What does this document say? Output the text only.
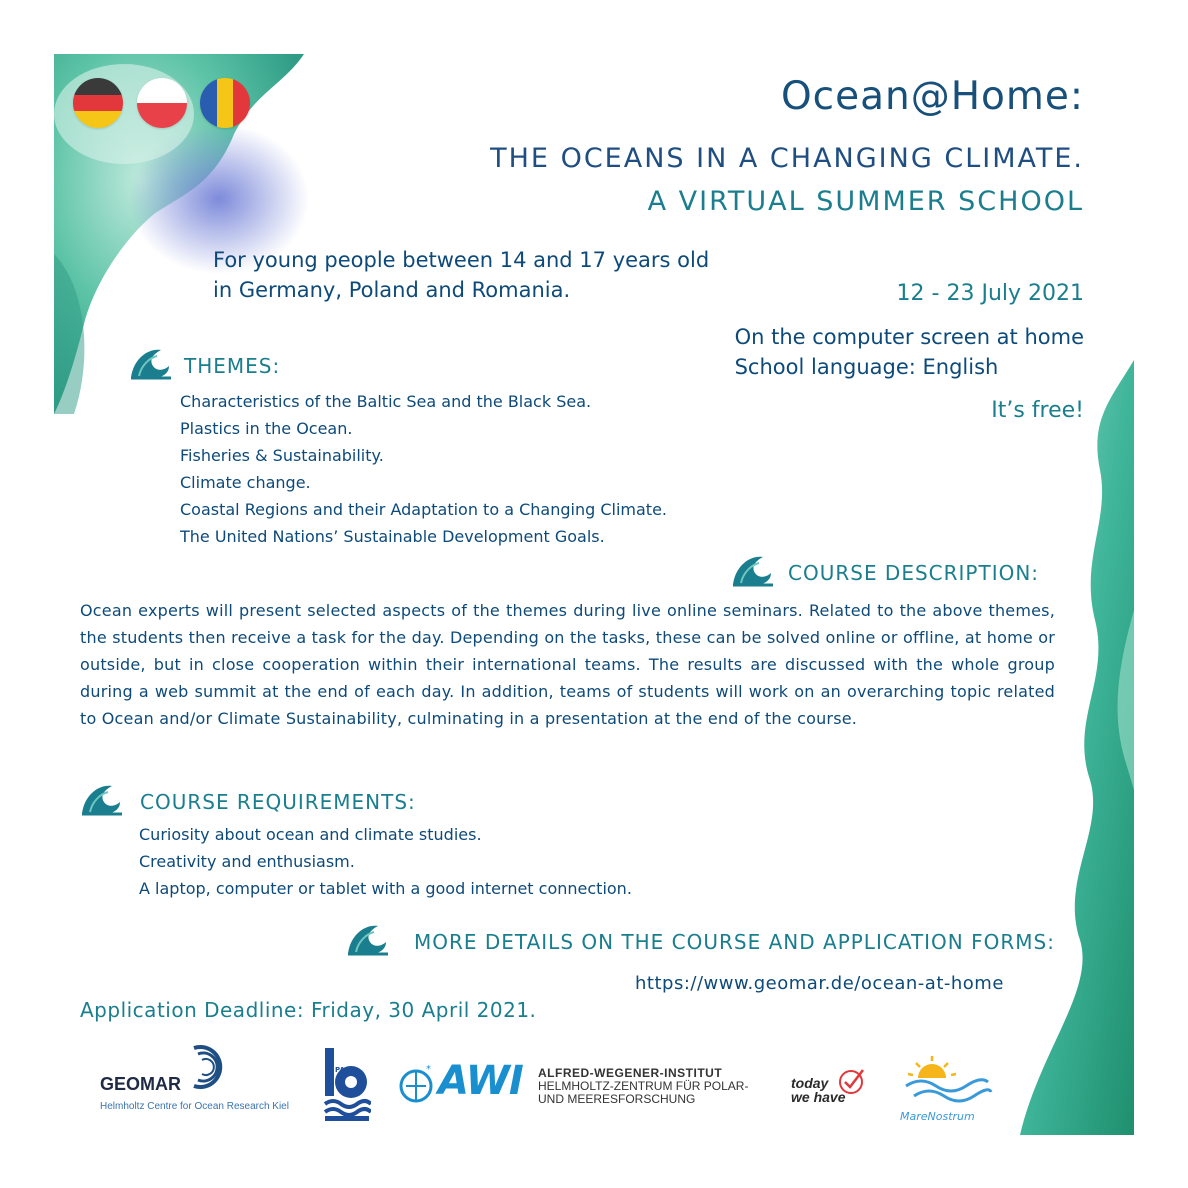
Ocean@Home:
THE OCEANS IN A CHANGING CLIMATE.
A VIRTUAL SUMMER SCHOOL
For young people between 14 and 17 years old
in Germany, Poland and Romania.	12 - 23 July 2021
On the computer screen at home
School language: English
It’s free!
THEMES:
Characteristics of the Baltic Sea and the Black Sea.
Plastics in the Ocean.
Fisheries & Sustainability.
Climate change.
Coastal Regions and their Adaptation to a Changing Climate.
The United Nations’ Sustainable Development Goals.
COURSE DESCRIPTION:
Ocean experts will present selected aspects of the themes during live online seminars. Related to the above themes, the students then receive a task for the day. Depending on the tasks, these can be solved online or offline, at home or outside, but in close cooperation within their international teams. The results are discussed with the whole group during a web summit at the end of each day. In addition, teams of students will work on an overarching topic related to Ocean and/or Climate Sustainability, culminating in a presentation at the end of the course.
COURSE REQUIREMENTS:
Curiosity about ocean and climate studies.
Creativity and enthusiasm.
A laptop, computer or tablet with a good internet connection.
MORE DETAILS ON THE COURSE AND APPLICATION FORMS:
https://www.geomar.de/ocean-at-home
Application Deadline: Friday, 30 April 2021.
GEOMAR
Helmholtz Centre for Ocean Research Kiel
PAN	* AWI ALFRED-WEGENER-INSTITUT
HELMHOLTZ-ZENTRUM FÜR POLAR-
UND MEERESFORSCHUNG
today
we have
MareNostrum
